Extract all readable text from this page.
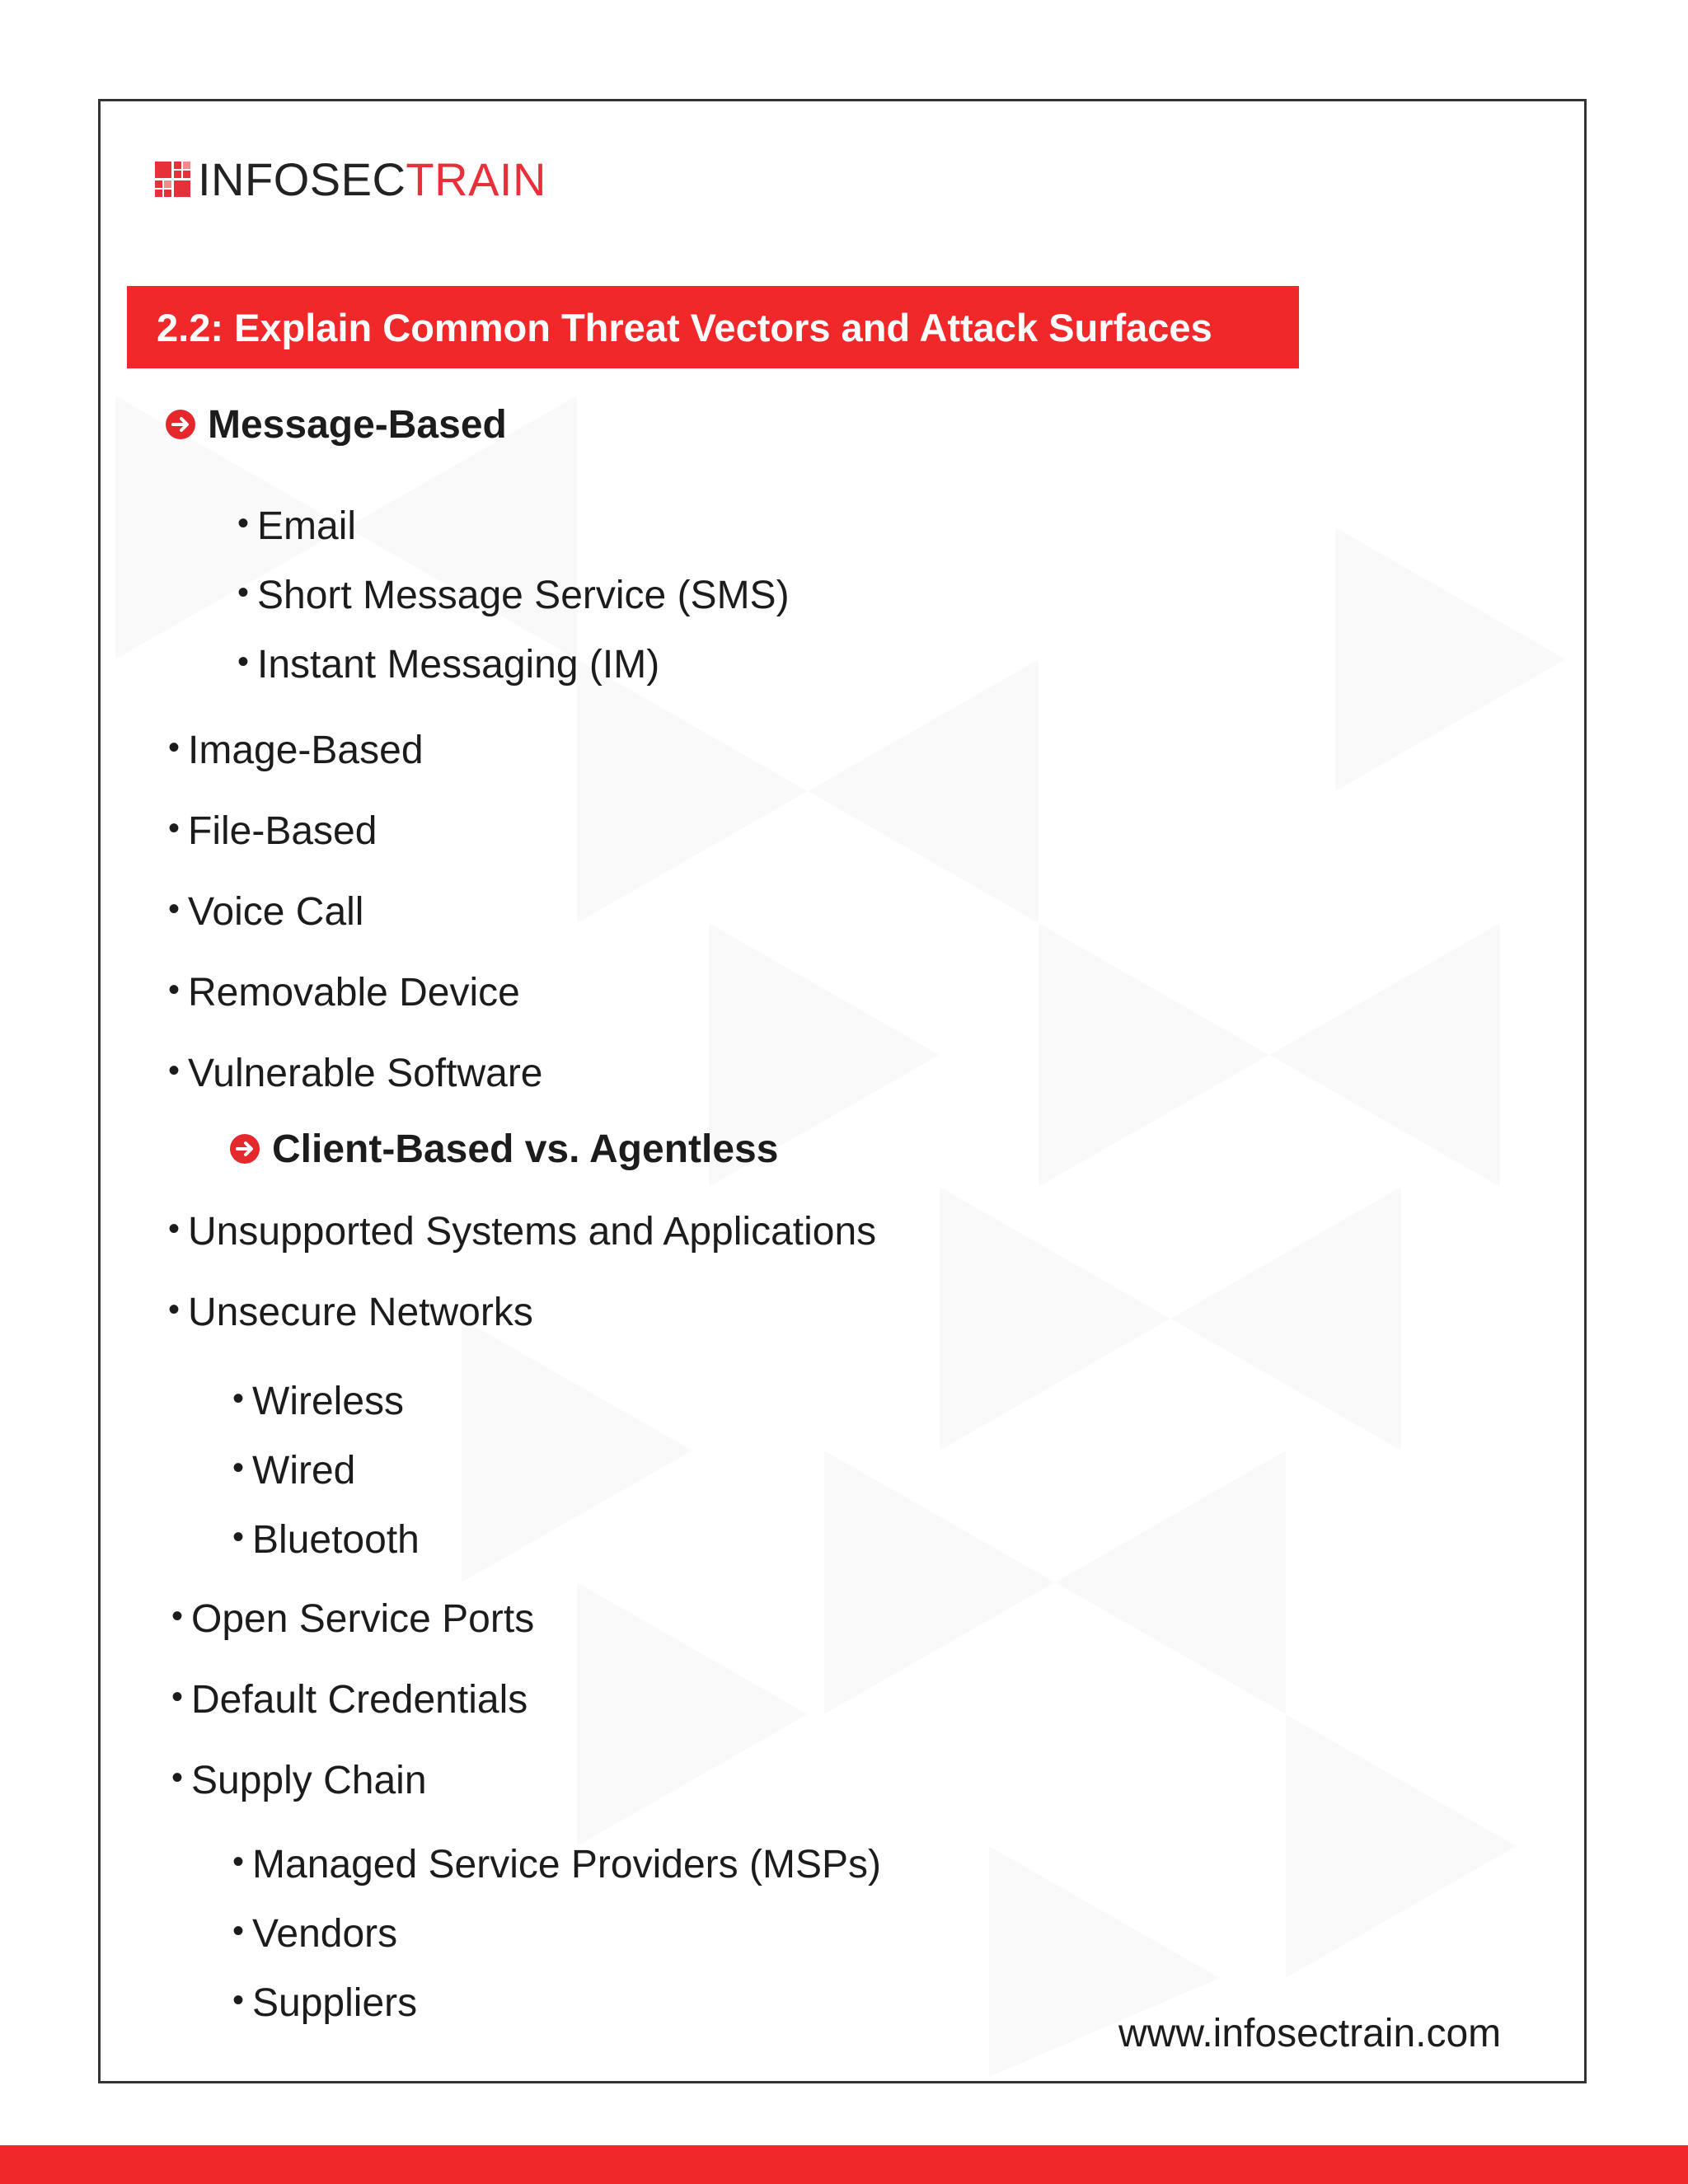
INFOSECTRAIN
2.2: Explain Common Threat Vectors and Attack Surfaces
Message-Based
• Email
• Short Message Service (SMS)
• Instant Messaging (IM)
• Image-Based
• File-Based
• Voice Call
• Removable Device
• Vulnerable Software
Client-Based vs. Agentless
• Unsupported Systems and Applications
• Unsecure Networks
• Wireless
• Wired
• Bluetooth
• Open Service Ports
• Default Credentials
• Supply Chain
• Managed Service Providers (MSPs)
• Vendors
• Suppliers
www.infosectrain.com
